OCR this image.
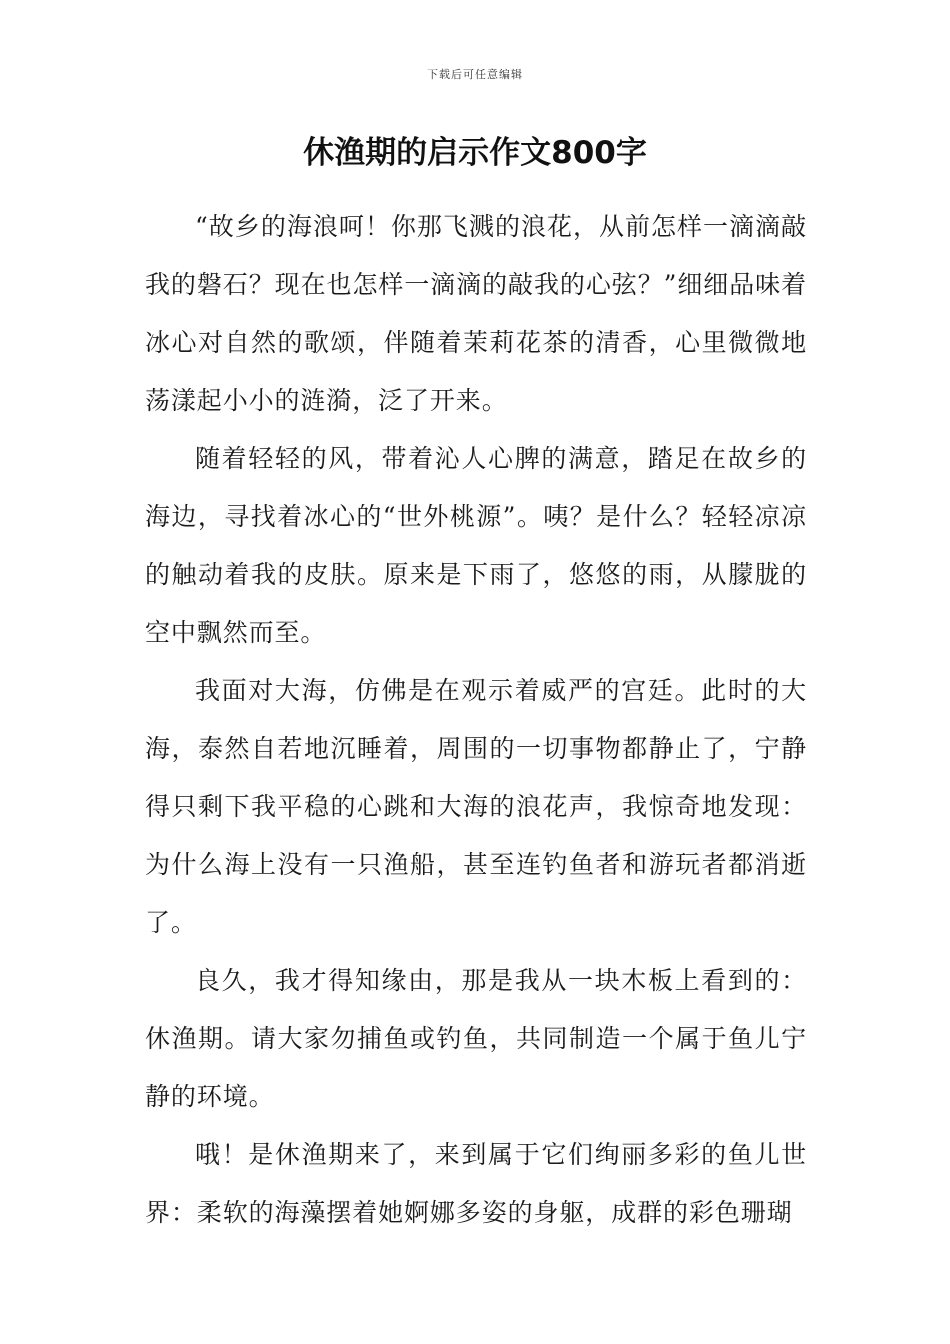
下载后可任意编辑
休渔期的启示作文800字

“故乡的海浪呵！你那飞溅的浪花，从前怎样一滴滴敲我的磐石？现在也怎样一滴滴的敲我的心弦？”细细品味着冰心对自然的歌颂，伴随着茉莉花茶的清香，心里微微地荡漾起小小的涟漪，泛了开来。

随着轻轻的风，带着沁人心脾的满意，踏足在故乡的海边，寻找着冰心的“世外桃源”。咦？是什么？轻轻凉凉的触动着我的皮肤。原来是下雨了，悠悠的雨，从朦胧的空中飘然而至。

我面对大海，仿佛是在观示着威严的宫廷。此时的大海，泰然自若地沉睡着，周围的一切事物都静止了，宁静得只剩下我平稳的心跳和大海的浪花声，我惊奇地发现：为什么海上没有一只渔船，甚至连钓鱼者和游玩者都消逝了。

良久，我才得知缘由，那是我从一块木板上看到的：休渔期。请大家勿捕鱼或钓鱼，共同制造一个属于鱼儿宁静的环境。

哦！是休渔期来了，来到属于它们绚丽多彩的鱼儿世界：柔软的海藻摆着她婀娜多姿的身躯，成群的彩色珊瑚
